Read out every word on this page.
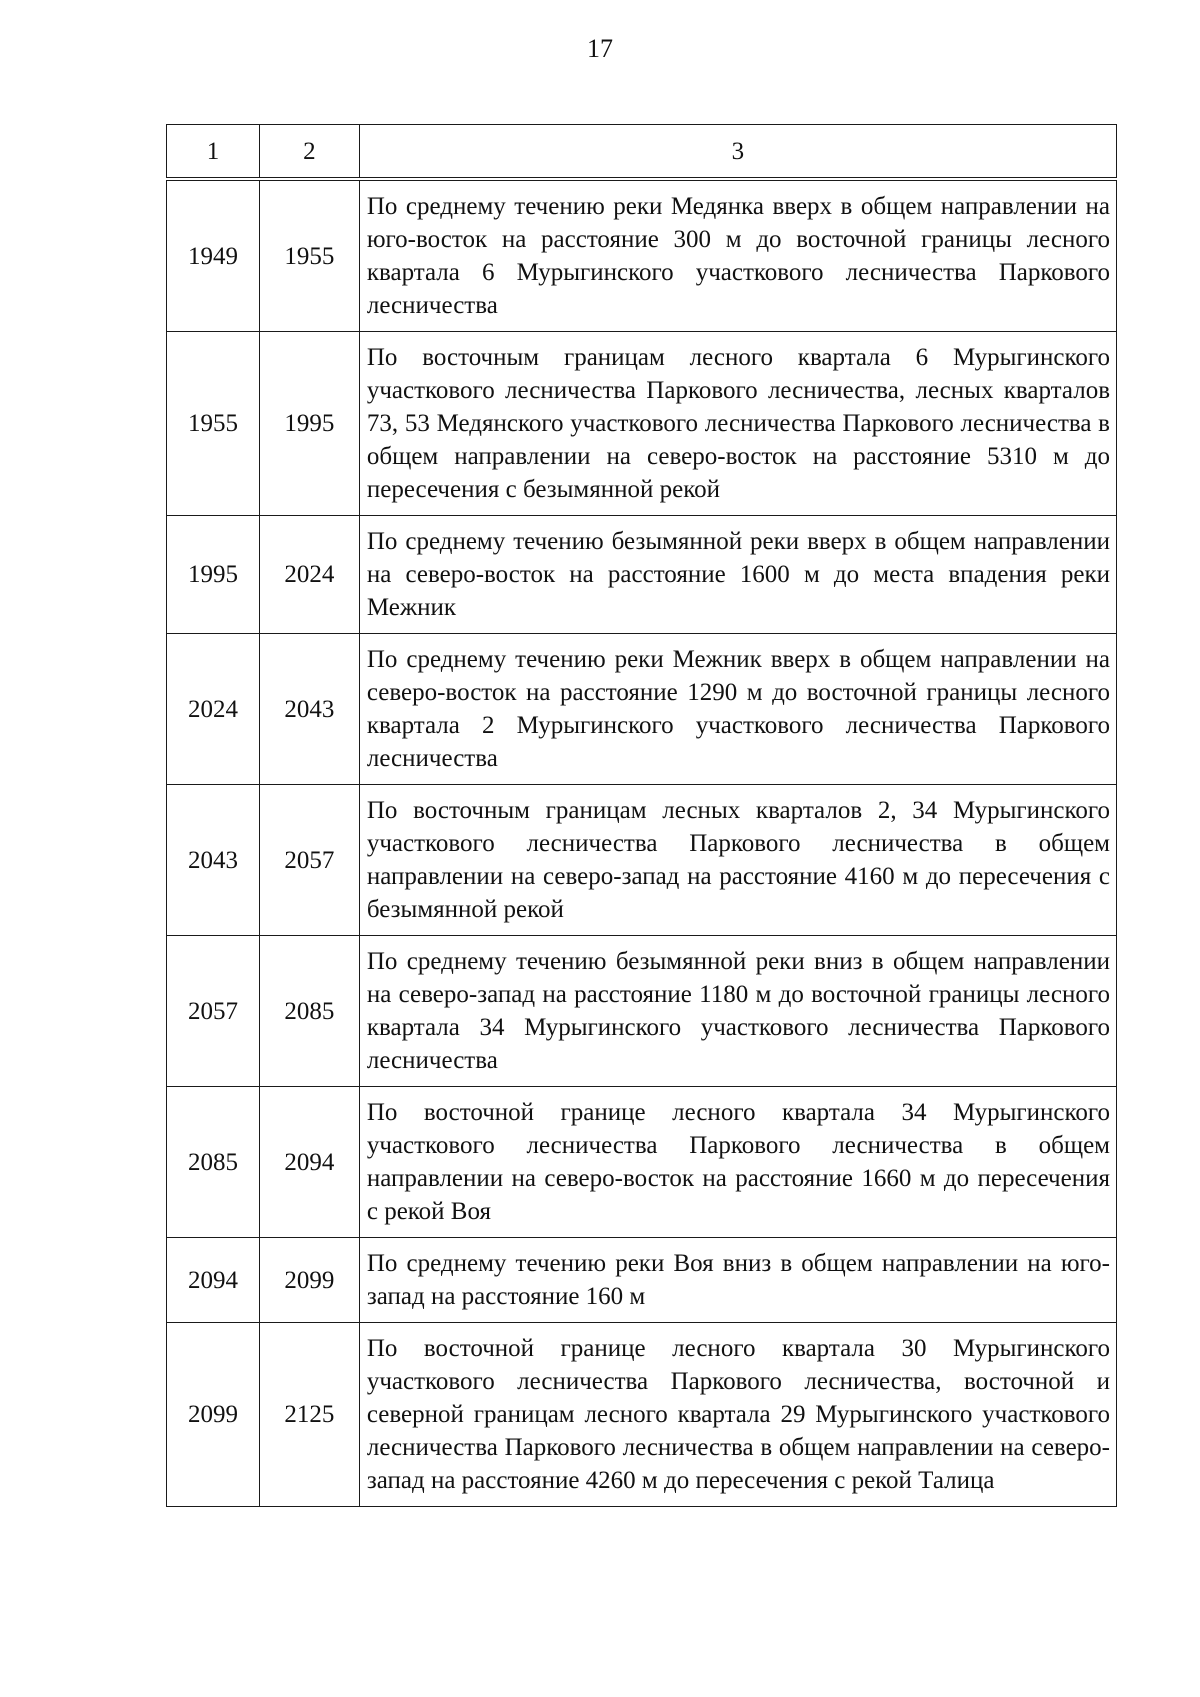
17
1	2	3
1949	1955	По среднему течению реки Медянка вверх в общем направлении на юго-восток на расстояние 300 м до восточной границы лесного квартала 6 Мурыгинского участкового лесничества Паркового лесничества
1955	1995	По восточным границам лесного квартала 6 Мурыгинского участкового лесничества Паркового лесничества, лесных кварталов 73, 53 Медянского участкового лесничества Паркового лесничества в общем направлении на северо-восток на расстояние 5310 м до пересечения с безымянной рекой
1995	2024	По среднему течению безымянной реки вверх в общем направлении на северо-восток на расстояние 1600 м до места впадения реки Межник
2024	2043	По среднему течению реки Межник вверх в общем направлении на северо-восток на расстояние 1290 м до восточной границы лесного квартала 2 Мурыгинского участкового лесничества Паркового лесничества
2043	2057	По восточным границам лесных кварталов 2, 34 Мурыгинского участкового лесничества Паркового лесничества в общем направлении на северо-запад на расстояние 4160 м до пересечения с безымянной рекой
2057	2085	По среднему течению безымянной реки вниз в общем направлении на северо-запад на расстояние 1180 м до восточной границы лесного квартала 34 Мурыгинского участкового лесничества Паркового лесничества
2085	2094	По восточной границе лесного квартала 34 Мурыгинского участкового лесничества Паркового лесничества в общем направлении на северо-восток на расстояние 1660 м до пересечения с рекой Воя
2094	2099	По среднему течению реки Воя вниз в общем направлении на юго-запад на расстояние 160 м
2099	2125	По восточной границе лесного квартала 30 Мурыгинского участкового лесничества Паркового лесничества, восточной и северной границам лесного квартала 29 Мурыгинского участкового лесничества Паркового лесничества в общем направлении на северо-запад на расстояние 4260 м до пересечения с рекой Талица
